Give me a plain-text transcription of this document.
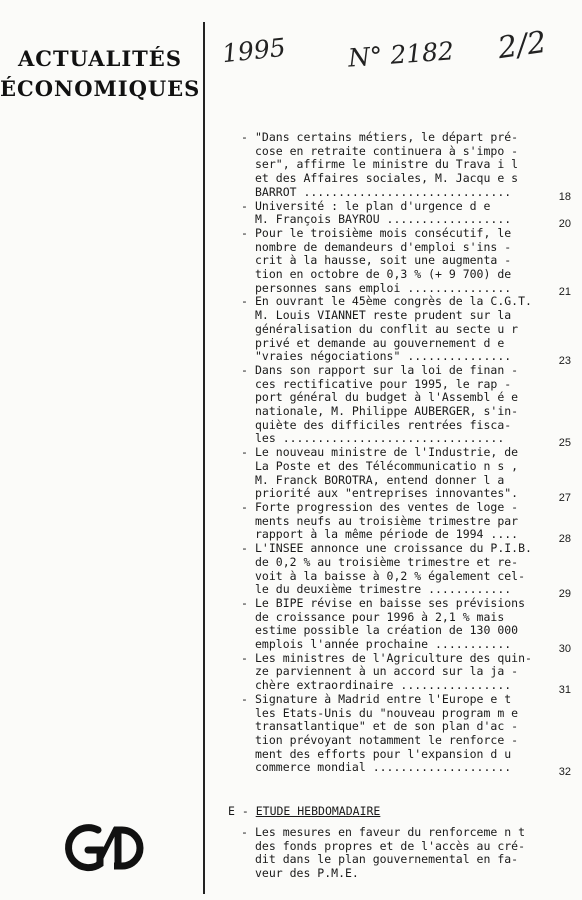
ACTUALITÉS
ÉCONOMIQUES
1995 N° 2182 2/2
- "Dans certains métiers, le départ pré-
cose en retraite continuera à s'impo -
ser", affirme le ministre du Trava i l
et des Affaires sociales, M. Jacqu e s
BARROT ..............................	18
- Université : le plan d'urgence d e
M. François BAYROU ..................	20
- Pour le troisième mois consécutif, le
nombre de demandeurs d'emploi s'ins -
crit à la hausse, soit une augmenta -
tion en octobre de 0,3 % (+ 9 700) de
personnes sans emploi ...............	21
- En ouvrant le 45ème congrès de la C.G.T.
M. Louis VIANNET reste prudent sur la
généralisation du conflit au secte u r
privé et demande au gouvernement d e
"vraies négociations" ...............	23
- Dans son rapport sur la loi de finan -
ces rectificative pour 1995, le rap -
port général du budget à l'Assembl é e
nationale, M. Philippe AUBERGER, s'in-
quiète des difficiles rentrées fisca-
les ................................	25
- Le nouveau ministre de l'Industrie, de
La Poste et des Télécommunicatio n s ,
M. Franck BOROTRA, entend donner l a
priorité aux "entreprises innovantes".	27
- Forte progression des ventes de loge -
ments neufs au troisième trimestre par
rapport à la même période de 1994 ....	28
- L'INSEE annonce une croissance du P.I.B.
de 0,2 % au troisième trimestre et re-
voit à la baisse à 0,2 % également cel-
le du deuxième trimestre ............	29
- Le BIPE révise en baisse ses prévisions
de croissance pour 1996 à 2,1 % mais
estime possible la création de 130 000
emplois l'année prochaine ...........	30
- Les ministres de l'Agriculture des quin-
ze parviennent à un accord sur la ja -
chère extraordinaire ................	31
- Signature à Madrid entre l'Europe e t
les Etats-Unis du "nouveau program m e
transatlantique" et de son plan d'ac -
tion prévoyant notamment le renforce -
ment des efforts pour l'expansion d u
commerce mondial ....................	32
E - ETUDE HEBDOMADAIRE
- Les mesures en faveur du renforceme n t
des fonds propres et de l'accès au cré-
dit dans le plan gouvernemental en fa-
veur des P.M.E.
